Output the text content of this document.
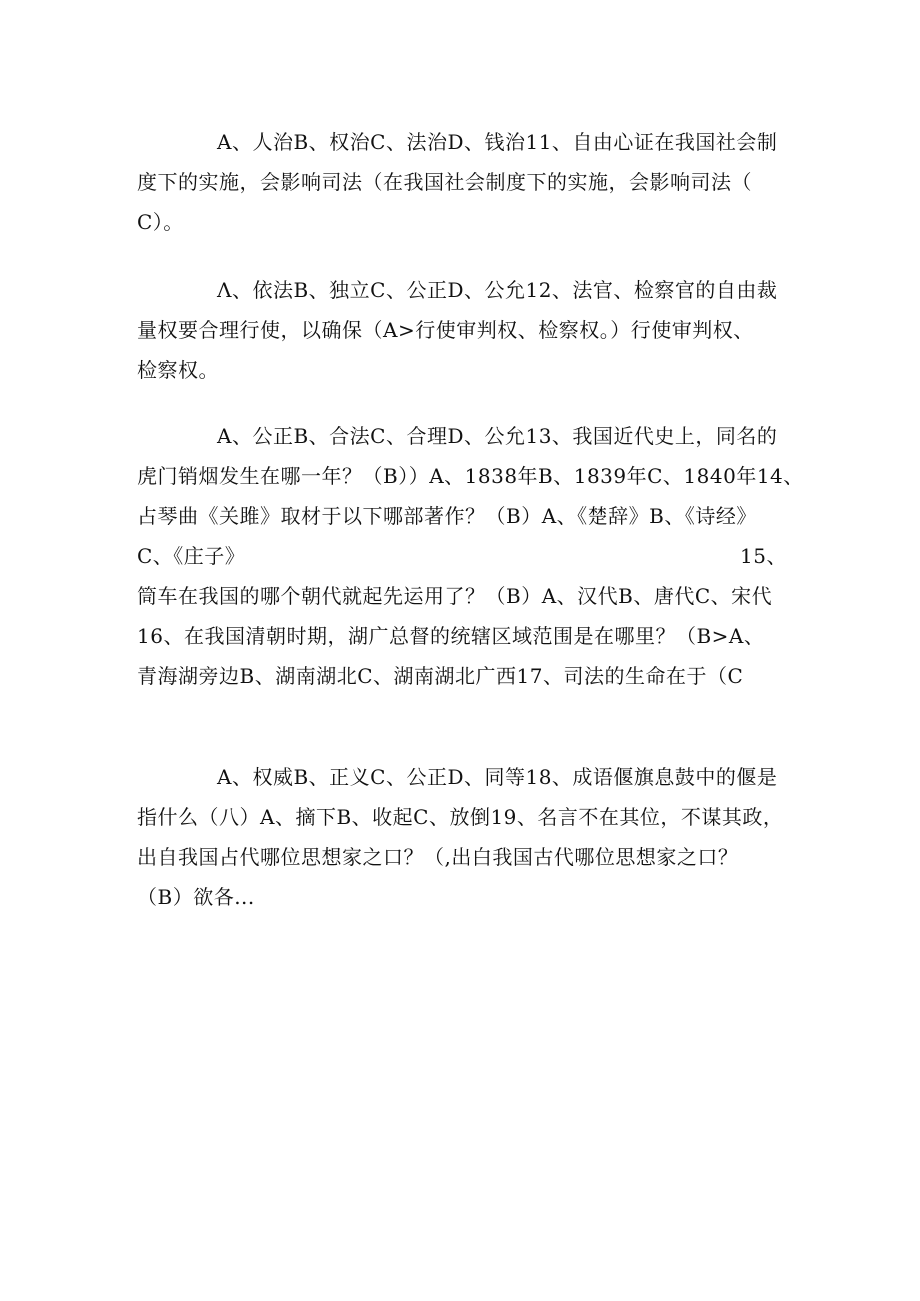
A、人治B、权治C、法治D、钱治11、自由心证在我国社会制
度下的实施，会影响司法（在我国社会制度下的实施，会影响司法（
C）。
Λ、依法B、独立C、公正D、公允12、法官、检察官的自由裁
量权要合理行使，以确保（A>行使审判权、检察权。）行使审判权、
检察权。
A、公正B、合法C、合理D、公允13、我国近代史上，同名的
虎门销烟发生在哪一年？（B））A、1838年B、1839年C、1840年14、
占琴曲《关雎》取材于以下哪部著作？（B）A、《楚辞》B、《诗经》
C、《庄子》	15、
筒车在我国的哪个朝代就起先运用了？（B）A、汉代B、唐代C、宋代
16、在我国清朝时期，湖广总督的统辖区域范围是在哪里？（B>A、
青海湖旁边B、湖南湖北C、湖南湖北广西17、司法的生命在于（C
A、权威B、正义C、公正D、同等18、成语偃旗息鼓中的偃是
指什么（八）A、摘下B、收起C、放倒19、名言不在其位，不谋其政，
出自我国占代哪位思想家之口？（,出白我国古代哪位思想家之口？
（B）欲各...
